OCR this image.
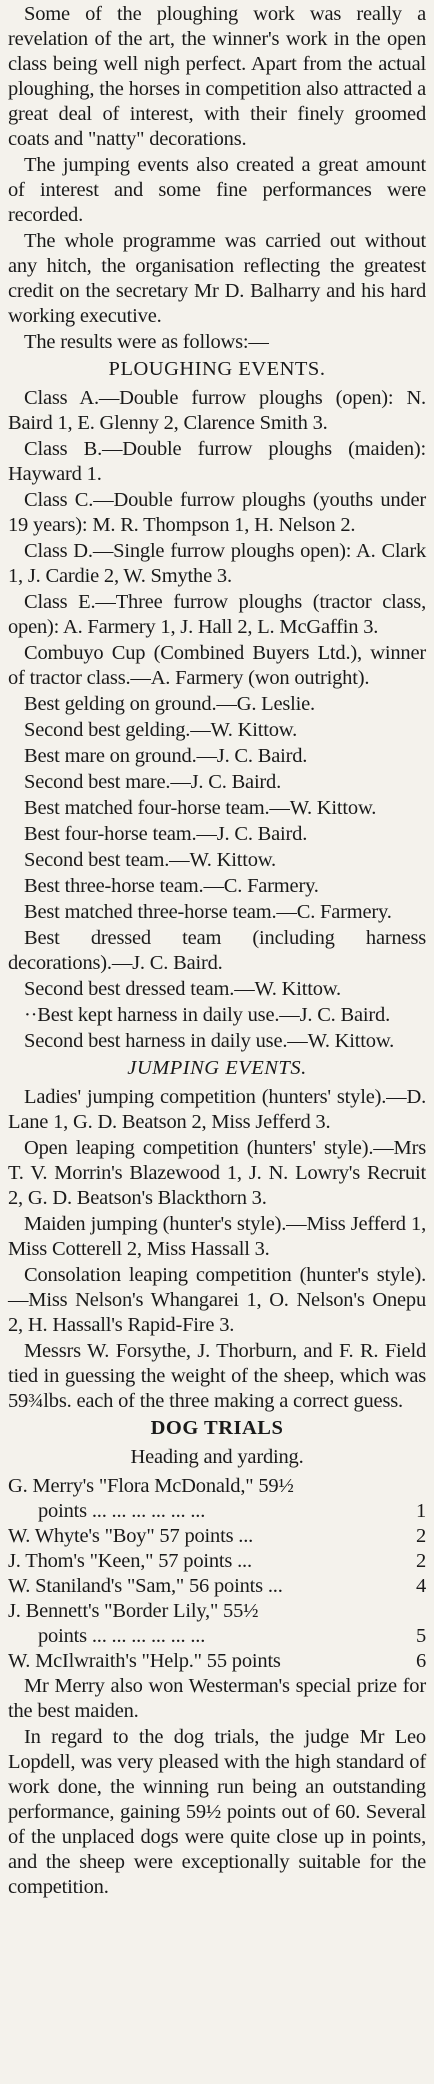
Some of the ploughing work was really a revelation of the art, the winner's work in the open class being well nigh perfect. Apart from the actual ploughing, the horses in competition also attracted a great deal of interest, with their finely groomed coats and "natty" decorations.

The jumping events also created a great amount of interest and some fine performances were recorded.

The whole programme was carried out without any hitch, the organisation reflecting the greatest credit on the secretary Mr D. Balharry and his hard working executive.

The results were as follows:—

PLOUGHING EVENTS.

Class A.—Double furrow ploughs (open): N. Baird 1, E. Glenny 2, Clarence Smith 3.

Class B.—Double furrow ploughs (maiden): Hayward 1.

Class C.—Double furrow ploughs (youths under 19 years): M. R. Thompson 1, H. Nelson 2.

Class D.—Single furrow ploughs open): A. Clark 1, J. Cardie 2, W. Smythe 3.

Class E.—Three furrow ploughs (tractor class, open): A. Farmery 1, J. Hall 2, L. McGaffin 3.

Combuyo Cup (Combined Buyers Ltd.), winner of tractor class.—A. Farmery (won outright).

Best gelding on ground.—G. Leslie.

Second best gelding.—W. Kittow.

Best mare on ground.—J. C. Baird.

Second best mare.—J. C. Baird.

Best matched four-horse team.—W. Kittow.

Best four-horse team.—J. C. Baird.

Second best team.—W. Kittow.

Best three-horse team.—C. Farmery.

Best matched three-horse team.—C. Farmery.

Best dressed team (including harness decorations).—J. C. Baird.

Second best dressed team.—W. Kittow.

··Best kept harness in daily use.—J. C. Baird.

Second best harness in daily use.—W. Kittow.

JUMPING EVENTS.

Ladies' jumping competition (hunters' style).—D. Lane 1, G. D. Beatson 2, Miss Jefferd 3.

Open leaping competition (hunters' style).—Mrs T. V. Morrin's Blazewood 1, J. N. Lowry's Recruit 2, G. D. Beatson's Blackthorn 3.

Maiden jumping (hunter's style).—Miss Jefferd 1, Miss Cotterell 2, Miss Hassall 3.

Consolation leaping competition (hunter's style).—Miss Nelson's Whangarei 1, O. Nelson's Onepu 2, H. Hassall's Rapid-Fire 3.

Messrs W. Forsythe, J. Thorburn, and F. R. Field tied in guessing the weight of the sheep, which was 59¾lbs. each of the three making a correct guess.

DOG TRIALS
Heading and yarding.
G. Merry's "Flora McDonald," 59½
points ... ... ... ... ... ...	1
W. Whyte's "Boy" 57 points ...	2
J. Thom's "Keen," 57 points ...	2
W. Staniland's "Sam," 56 points ...	4
J. Bennett's "Border Lily," 55½
points ... ... ... ... ... ...	5
W. McIlwraith's "Help." 55 points	6

Mr Merry also won Westerman's special prize for the best maiden.

In regard to the dog trials, the judge Mr Leo Lopdell, was very pleased with the high standard of work done, the winning run being an outstanding performance, gaining 59½ points out of 60. Several of the unplaced dogs were quite close up in points, and the sheep were exceptionally suitable for the competition.
